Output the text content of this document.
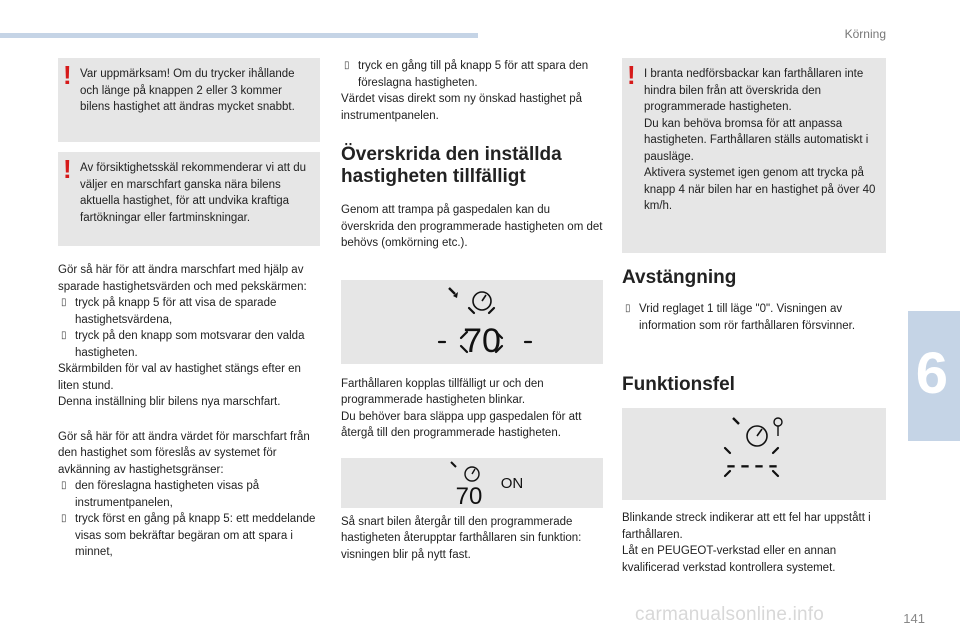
Körning
6
141
carmanualsonline.info
! Var uppmärksam! Om du trycker ihållande och länge på knappen 2 eller 3 kommer bilens hastighet att ändras mycket snabbt.

! Av försiktighetsskäl rekommenderar vi att du väljer en marschfart ganska nära bilens aktuella hastighet, för att undvika kraftiga fartökningar eller fartminskningar.

Gör så här för att ändra marschfart med hjälp av sparade hastighetsvärden och med pekskärmen:

▯ tryck på knapp 5 för att visa de sparade hastighetsvärdena,
▯ tryck på den knapp som motsvarar den valda hastigheten.

Skärmbilden för val av hastighet stängs efter en liten stund.

Denna inställning blir bilens nya marschfart.

Gör så här för att ändra värdet för marschfart från den hastighet som föreslås av systemet för avkänning av hastighetsgränser:

▯ den föreslagna hastigheten visas på instrumentpanelen,
▯ tryck först en gång på knapp 5: ett meddelande visas som bekräftar begäran om att spara i minnet,
▯ tryck en gång till på knapp 5 för att spara den föreslagna hastigheten.

Värdet visas direkt som ny önskad hastighet på instrumentpanelen.

Överskrida den inställda hastigheten tillfälligt

Genom att trampa på gaspedalen kan du överskrida den programmerade hastigheten om det behövs (omkörning etc.).

70

Farthållaren kopplas tillfälligt ur och den programmerade hastigheten blinkar.

Du behöver bara släppa upp gaspedalen för att återgå till den programmerade hastigheten.

70 ON

Så snart bilen återgår till den programmerade hastigheten återupptar farthållaren sin funktion: visningen blir på nytt fast.

! I branta nedförsbackar kan farthållaren inte hindra bilen från att överskrida den programmerade hastigheten.

Du kan behöva bromsa för att anpassa hastigheten. Farthållaren ställs automatiskt i pausläge.

Aktivera systemet igen genom att trycka på knapp 4 när bilen har en hastighet på över 40 km/h.

Avstängning
▯ Vrid reglaget 1 till läge "0". Visningen av information som rör farthållaren försvinner.
Funktionsfel
----

Blinkande streck indikerar att ett fel har uppstått i farthållaren.

Låt en PEUGEOT-verkstad eller en annan kvalificerad verkstad kontrollera systemet.
